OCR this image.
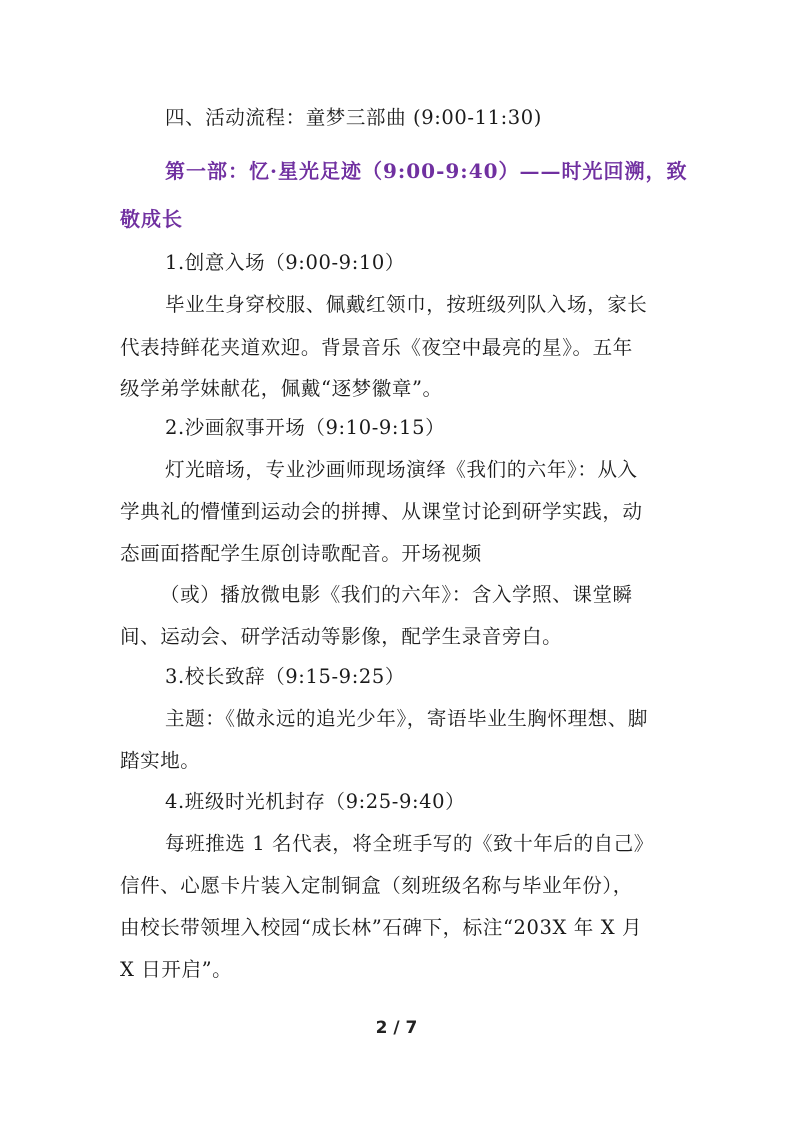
四、活动流程：童梦三部曲 (9:00-11:30)
第一部：忆·星光足迹（9:00-9:40）——时光回溯，致
敬成长
1.创意入场（9:00-9:10）
毕业生身穿校服、佩戴红领巾，按班级列队入场，家长
代表持鲜花夹道欢迎。背景音乐《夜空中最亮的星》。五年
级学弟学妹献花，佩戴“逐梦徽章”。
2.沙画叙事开场（9:10-9:15）
灯光暗场，专业沙画师现场演绎《我们的六年》：从入
学典礼的懵懂到运动会的拼搏、从课堂讨论到研学实践，动
态画面搭配学生原创诗歌配音。开场视频
（或）播放微电影《我们的六年》：含入学照、课堂瞬
间、运动会、研学活动等影像，配学生录音旁白。
3.校长致辞（9:15-9:25）
主题：《做永远的追光少年》，寄语毕业生胸怀理想、脚
踏实地。
4.班级时光机封存（9:25-9:40）
每班推选 1 名代表，将全班手写的《致十年后的自己》
信件、心愿卡片装入定制铜盒（刻班级名称与毕业年份），
由校长带领埋入校园“成长林”石碑下，标注“203X 年 X 月
X 日开启”。
2 / 7
